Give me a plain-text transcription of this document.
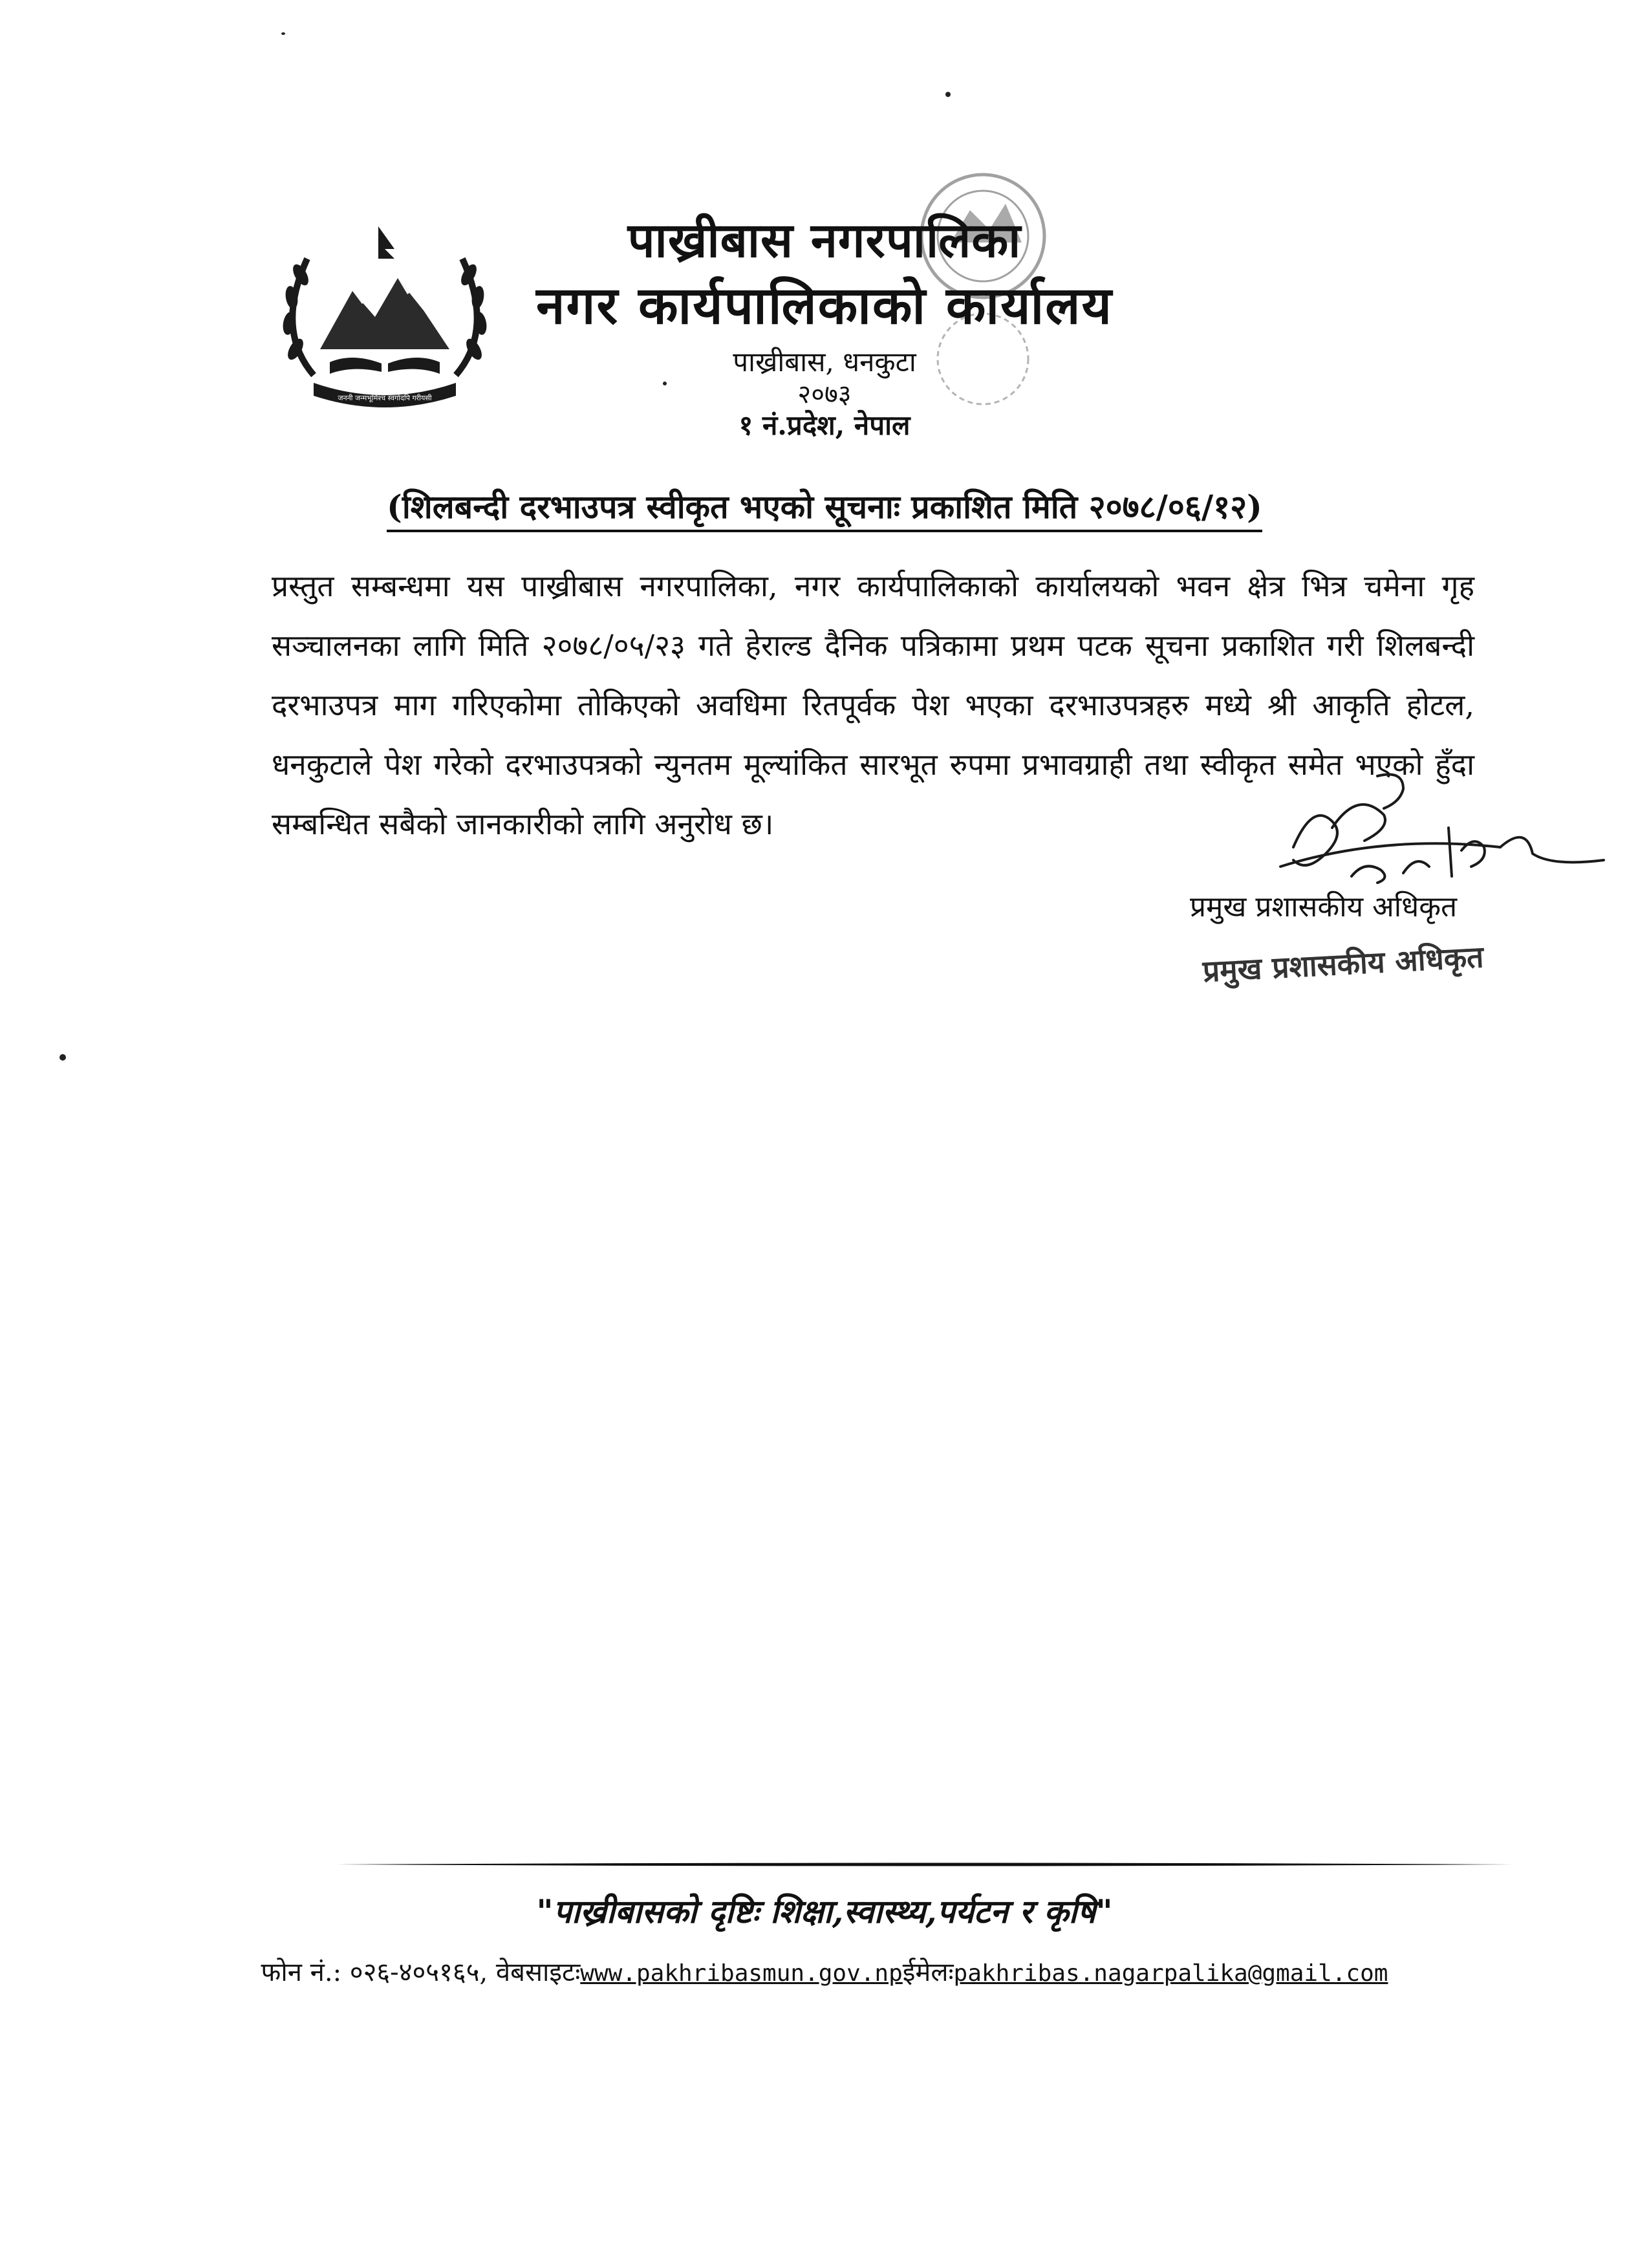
जननी जन्मभूमिश्च स्वर्गादपि गरीयसी
पाख्रीबास नगरपालिका
नगर कार्यपालिकाको कार्यालय
पाख्रीबास, धनकुटा
२०७३
१ नं.प्रदेश, नेपाल
(शिलबन्दी दरभाउपत्र स्वीकृत भएको सूचनाः प्रकाशित मिति २०७८/०६/१२)
प्रस्तुत सम्बन्धमा यस पाख्रीबास नगरपालिका, नगर कार्यपालिकाको कार्यालयको भवन क्षेत्र भित्र चमेना गृह सञ्चालनका लागि मिति २०७८/०५/२३ गते हेराल्ड दैनिक पत्रिकामा प्रथम पटक सूचना प्रकाशित गरी शिलबन्दी दरभाउपत्र माग गरिएकोमा तोकिएको अवधिमा रितपूर्वक पेश भएका दरभाउपत्रहरु मध्ये श्री आकृति होटल, धनकुटाले पेश गरेको दरभाउपत्रको न्युनतम मूल्यांकित सारभूत रुपमा प्रभावग्राही तथा स्वीकृत समेत भएको हुँदा सम्बन्धित सबैको जानकारीको लागि अनुरोध छ।
प्रमुख प्रशासकीय अधिकृत
प्रमुख प्रशासकीय अधिकृत
"पाख्रीबासको दृष्टिः शिक्षा,स्वास्थ्य,पर्यटन र कृषि"
फोन नं.: ०२६-४०५१६५, वेबसाइटःwww.pakhribasmun.gov.npईमेलःpakhribas.nagarpalika@gmail.com
